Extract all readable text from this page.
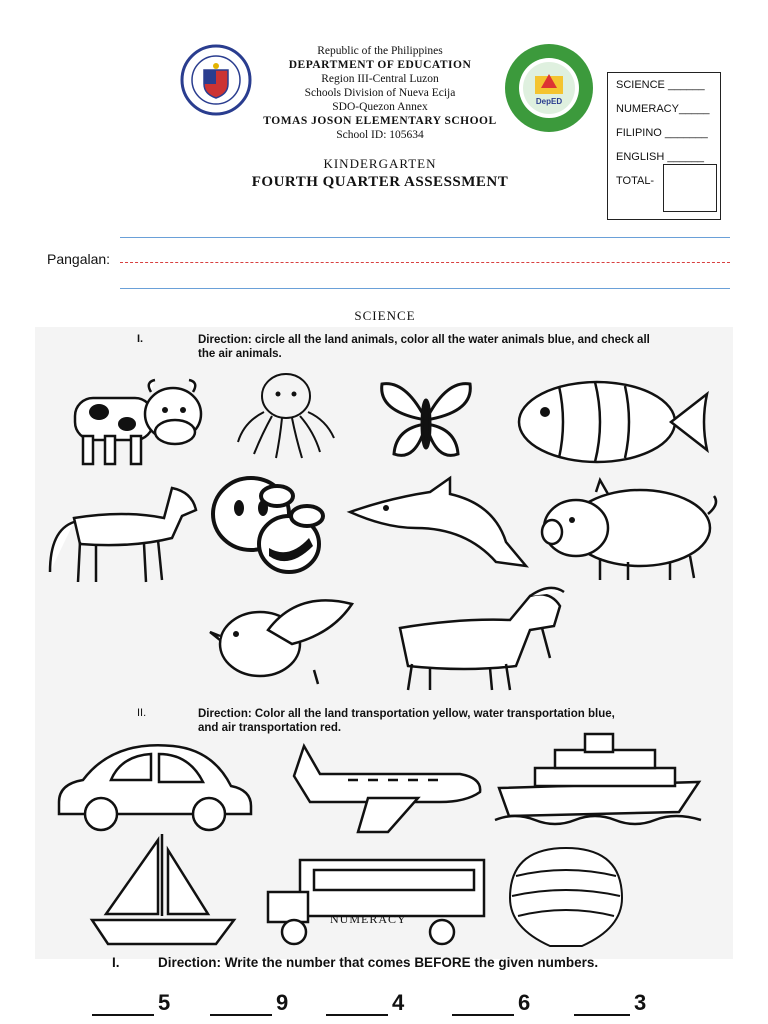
Republic of the Philippines
DEPARTMENT OF EDUCATION
Region III-Central Luzon
Schools Division of Nueva Ecija
SDO-Quezon Annex
TOMAS JOSON ELEMENTARY SCHOOL
School ID: 105634
DepED
SCIENCE ______
NUMERACY_____
FILIPINO _______
ENGLISH ______
TOTAL-
KINDERGARTEN
FOURTH QUARTER ASSESSMENT
Pangalan:
SCIENCE
I.	Direction: circle all the land animals, color all the water animals blue, and check all the air animals.
II.	Direction: Color all the land transportation yellow, water transportation blue, and air transportation red.
NUMERACY
I.	Direction: Write the number that comes BEFORE the given numbers.
5	9	4	6	3
